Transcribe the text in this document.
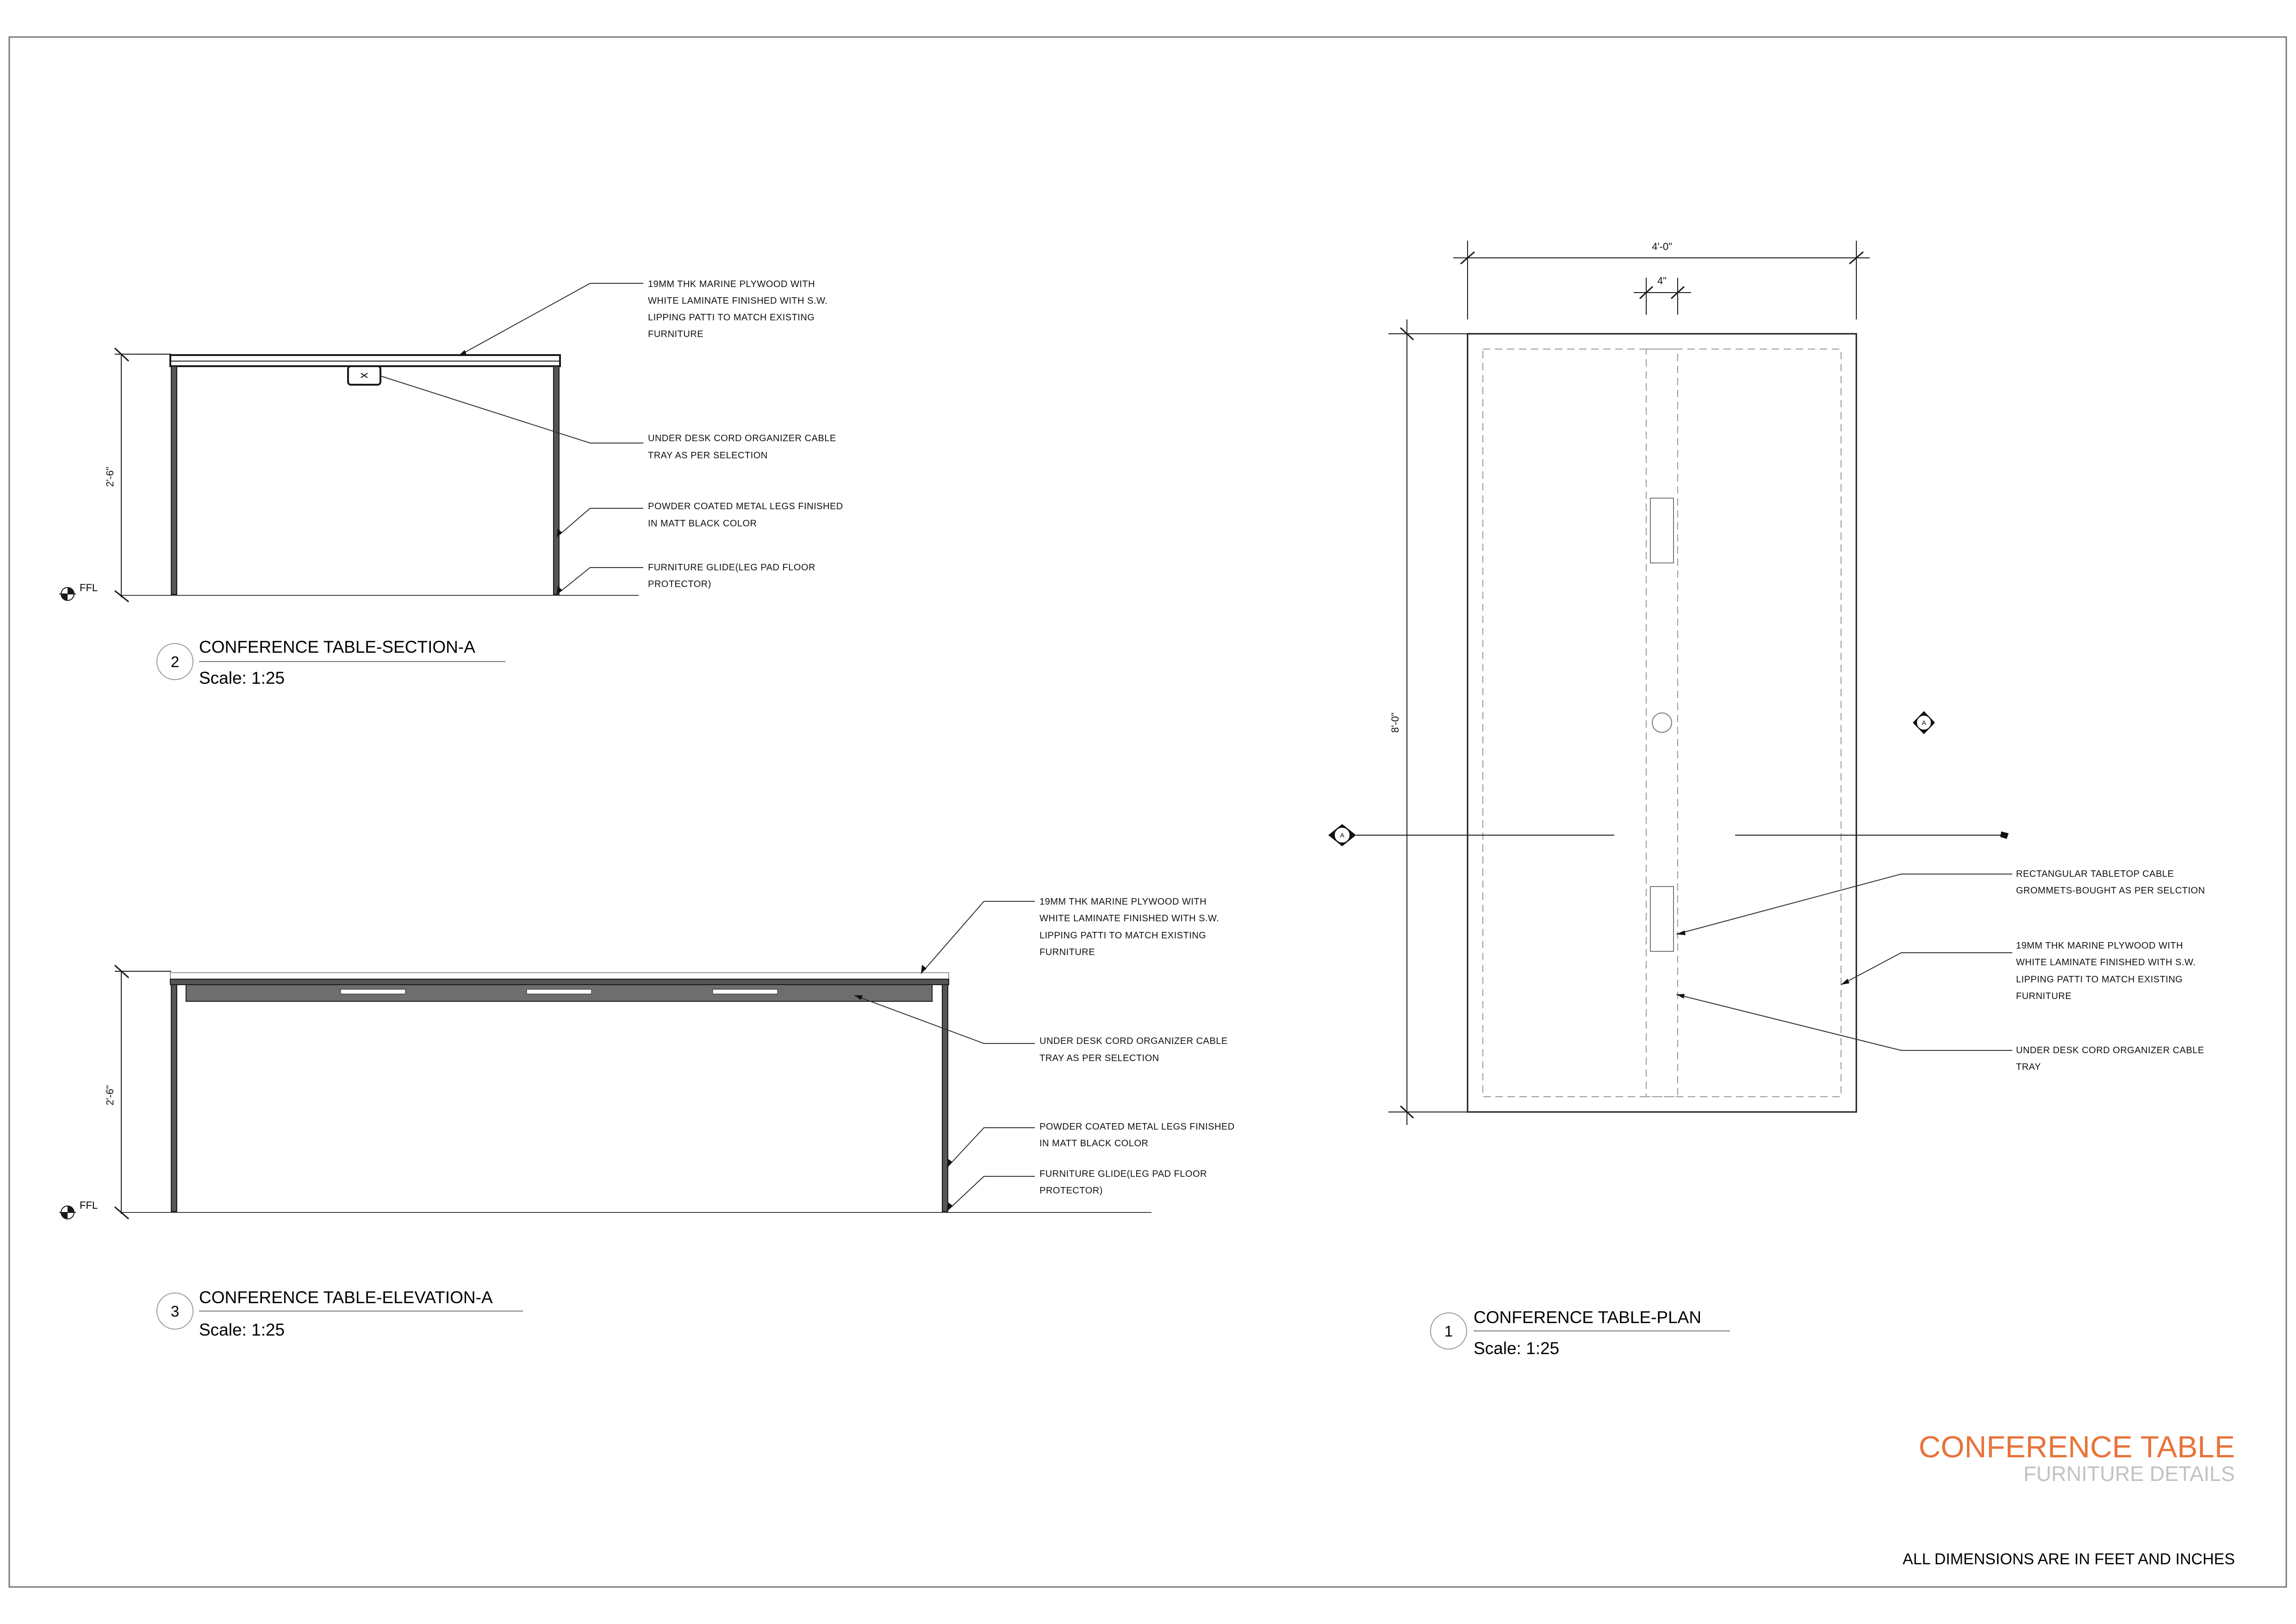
2'-6"
FFL
19MM THK MARINE PLYWOOD WITH WHITE LAMINATE FINISHED WITH S.W. LIPPING PATTI TO MATCH EXISTING FURNITURE
UNDER DESK CORD ORGANIZER CABLE TRAY AS PER SELECTION
POWDER COATED METAL LEGS FINISHED IN MATT BLACK COLOR
FURNITURE GLIDE(LEG PAD FLOOR PROTECTOR)
2
CONFERENCE TABLE-SECTION-A
Scale: 1:25
2'-6"
FFL
19MM THK MARINE PLYWOOD WITH WHITE LAMINATE FINISHED WITH S.W. LIPPING PATTI TO MATCH EXISTING FURNITURE
UNDER DESK CORD ORGANIZER CABLE TRAY AS PER SELECTION
POWDER COATED METAL LEGS FINISHED IN MATT BLACK COLOR
FURNITURE GLIDE(LEG PAD FLOOR PROTECTOR)
3
CONFERENCE TABLE-ELEVATION-A
Scale: 1:25
4'-0"
4"
8'-0"
A
A
RECTANGULAR TABLETOP CABLE GROMMETS-BOUGHT AS PER SELCTION
19MM THK MARINE PLYWOOD WITH WHITE LAMINATE FINISHED WITH S.W. LIPPING PATTI TO MATCH EXISTING FURNITURE
UNDER DESK CORD ORGANIZER CABLE TRAY
1
CONFERENCE TABLE-PLAN
Scale: 1:25
CONFERENCE TABLE
FURNITURE DETAILS
ALL DIMENSIONS ARE IN FEET AND INCHES
